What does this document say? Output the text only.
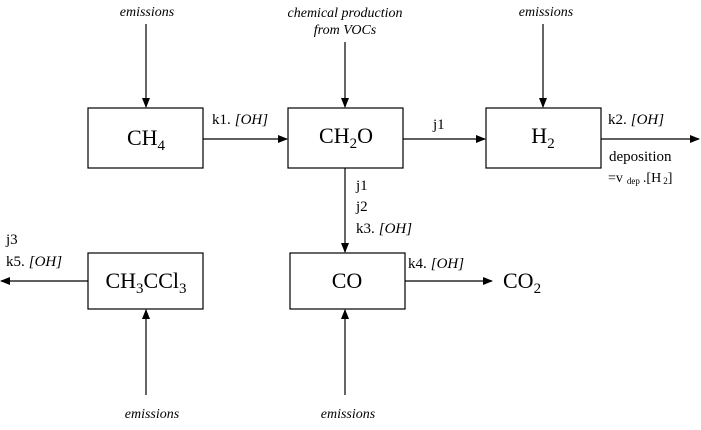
emissions	chemical production
from VOCs
emissions
emissions	emissions
$CH_4$	$CH_2O$	$H_2$
$CH_3CCl_3$	CO	$CO_2$
k1. [OH]	j1	k2. [OH]
deposition
=v dep .[H 2]
j1
j2
k3. [OH]
j3
k5. [OH]	k4. [OH]
